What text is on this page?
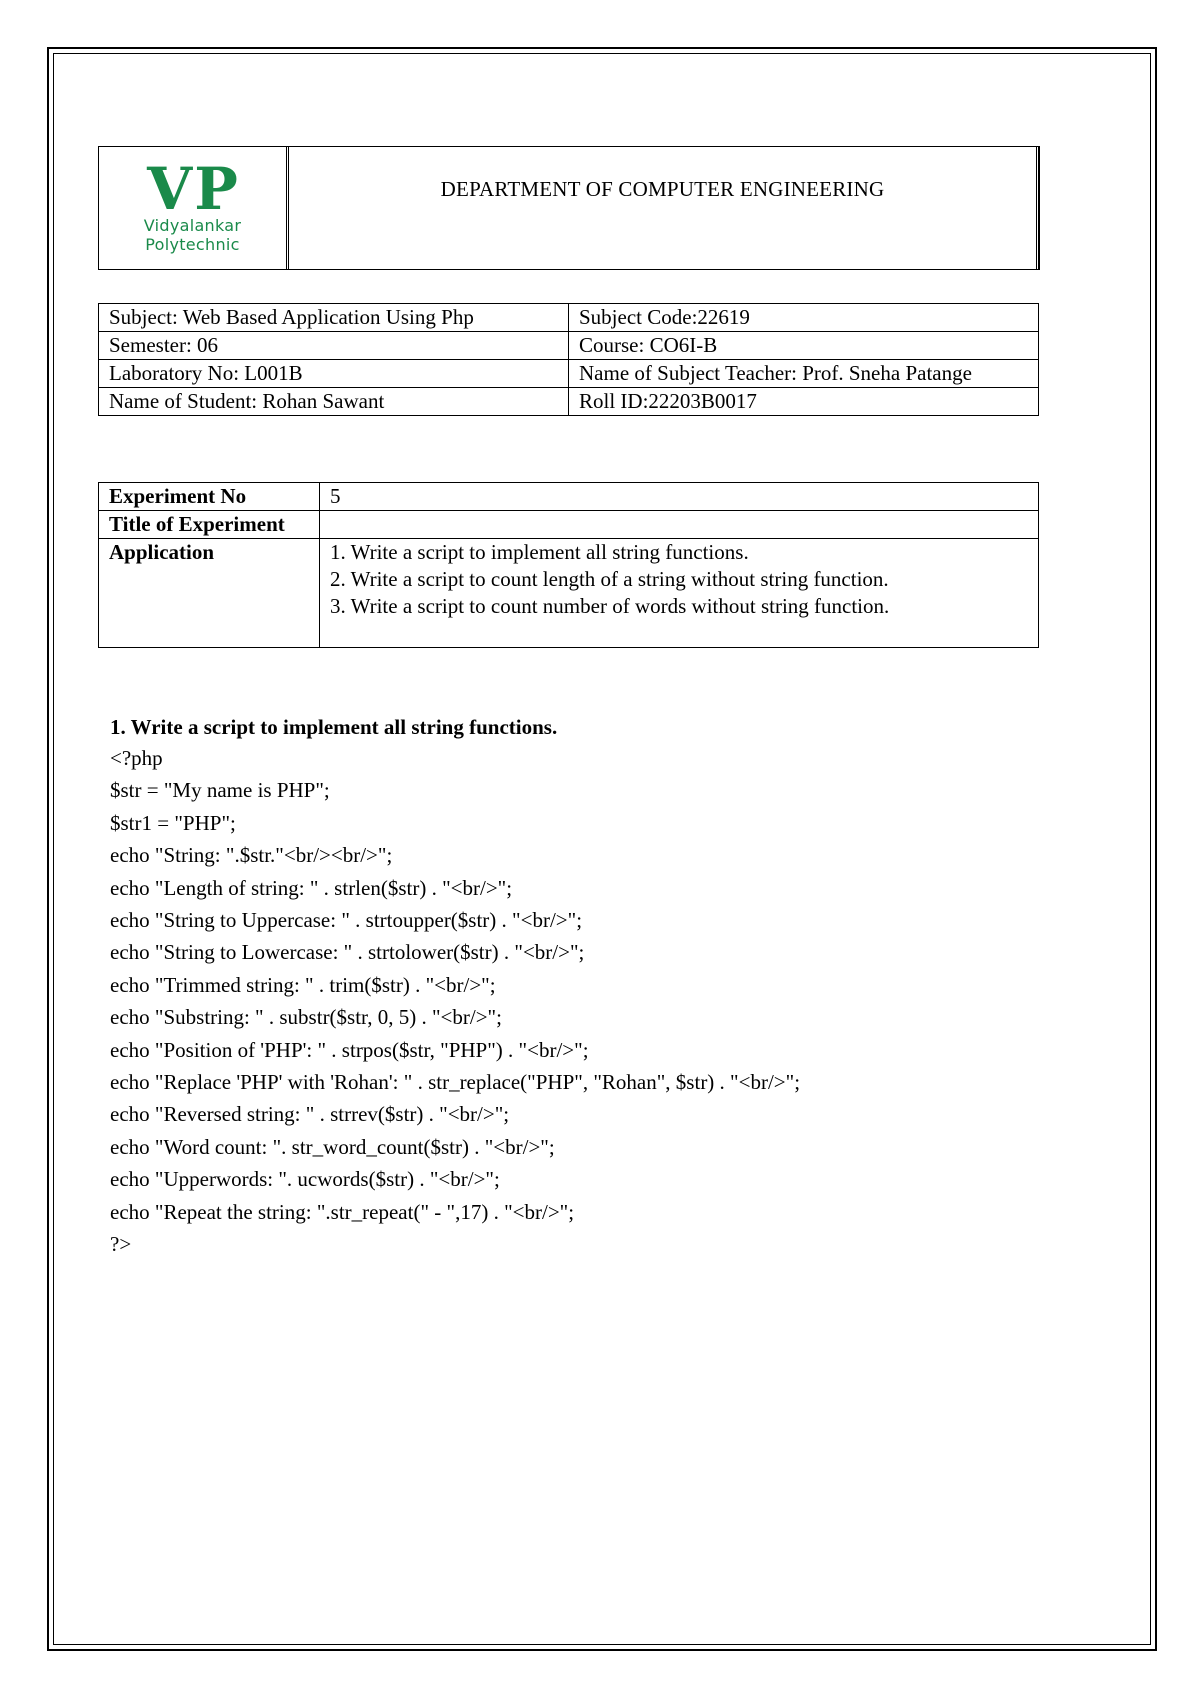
V P
Vidyalankar
Polytechnic
DEPARTMENT OF COMPUTER ENGINEERING
Subject: Web Based Application Using Php	Subject Code:22619
Semester: 06	Course: CO6I-B
Laboratory No: L001B	Name of Subject Teacher: Prof. Sneha Patange
Name of Student: Rohan Sawant	Roll ID:22203B0017
Experiment No	5
Title of Experiment	
Application	1. Write a script to implement all string functions.
2. Write a script to count length of a string without string function.
3. Write a script to count number of words without string function.
1. Write a script to implement all string functions.
<?php
$str = "My name is PHP";
$str1 = "PHP";
echo "String: ".$str."<br/><br/>";
echo "Length of string: " . strlen($str) . "<br/>";
echo "String to Uppercase: " . strtoupper($str) . "<br/>";
echo "String to Lowercase: " . strtolower($str) . "<br/>";
echo "Trimmed string: " . trim($str) . "<br/>";
echo "Substring: " . substr($str, 0, 5) . "<br/>";
echo "Position of 'PHP': " . strpos($str, "PHP") . "<br/>";
echo "Replace 'PHP' with 'Rohan': " . str_replace("PHP", "Rohan", $str) . "<br/>";
echo "Reversed string: " . strrev($str) . "<br/>";
echo "Word count: ". str_word_count($str) . "<br/>";
echo "Upperwords: ". ucwords($str) . "<br/>";
echo "Repeat the string: ".str_repeat(" - ",17) . "<br/>";
?>
